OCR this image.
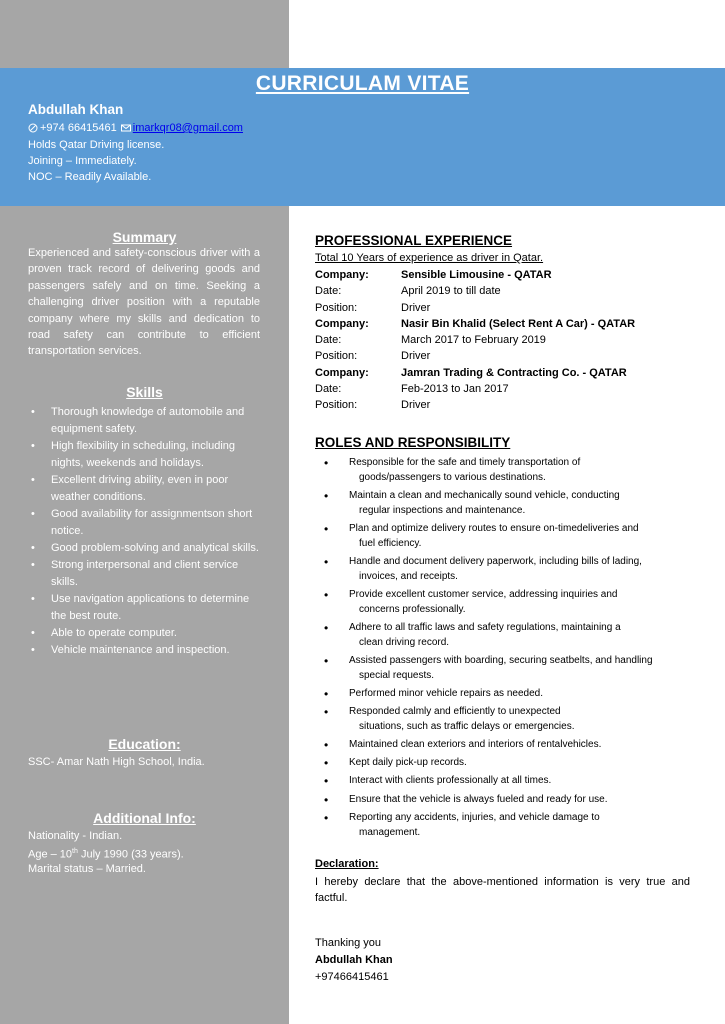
CURRICULAM VITAE
Abdullah Khan
+974 66415461 imarkqr08@gmail.com
Holds Qatar Driving license.
Joining – Immediately.
NOC – Readily Available.
Summary
Experienced and safety-conscious driver with a proven track record of delivering goods and passengers safely and on time. Seeking a challenging driver position with a reputable company where my skills and dedication to road safety can contribute to efficient transportation services.
Skills
• Thorough knowledge of automobile and equipment safety.
• High flexibility in scheduling, including nights, weekends and holidays.
• Excellent driving ability, even in poor weather conditions.
• Good availability for assignmentson short notice.
• Good problem-solving and analytical skills.
• Strong interpersonal and client service skills.
• Use navigation applications to determine the best route.
• Able to operate computer.
• Vehicle maintenance and inspection.
Education:
SSC- Amar Nath High School, India.
Additional Info:
Nationality - Indian.
Age – 10th July 1990 (33 years).
Marital status – Married.
PROFESSIONAL EXPERIENCE
Total 10 Years of experience as driver in Qatar.
Company:	Sensible Limousine - QATAR
Date:	April 2019 to till date
Position:	Driver
Company:	Nasir Bin Khalid (Select Rent A Car) - QATAR
Date:	March 2017 to February 2019
Position:	Driver
Company:	Jamran Trading & Contracting Co. - QATAR
Date:	Feb-2013 to Jan 2017
Position:	Driver
ROLES AND RESPONSIBILITY
• Responsible for the safe and timely transportation of
goods/passengers to various destinations.
• Maintain a clean and mechanically sound vehicle, conducting
regular inspections and maintenance.
• Plan and optimize delivery routes to ensure on-timedeliveries and
fuel efficiency.
• Handle and document delivery paperwork, including bills of lading,
invoices, and receipts.
• Provide excellent customer service, addressing inquiries and
concerns professionally.
• Adhere to all traffic laws and safety regulations, maintaining a
clean driving record.
• Assisted passengers with boarding, securing seatbelts, and handling
special requests.
• Performed minor vehicle repairs as needed.
• Responded calmly and efficiently to unexpected
situations, such as traffic delays or emergencies.
• Maintained clean exteriors and interiors of rentalvehicles.
• Kept daily pick-up records.
• Interact with clients professionally at all times.
• Ensure that the vehicle is always fueled and ready for use.
• Reporting any accidents, injuries, and vehicle damage to
management.
Declaration:
I hereby declare that the above-mentioned information is very true and factful.
Thanking you
Abdullah Khan
+97466415461
